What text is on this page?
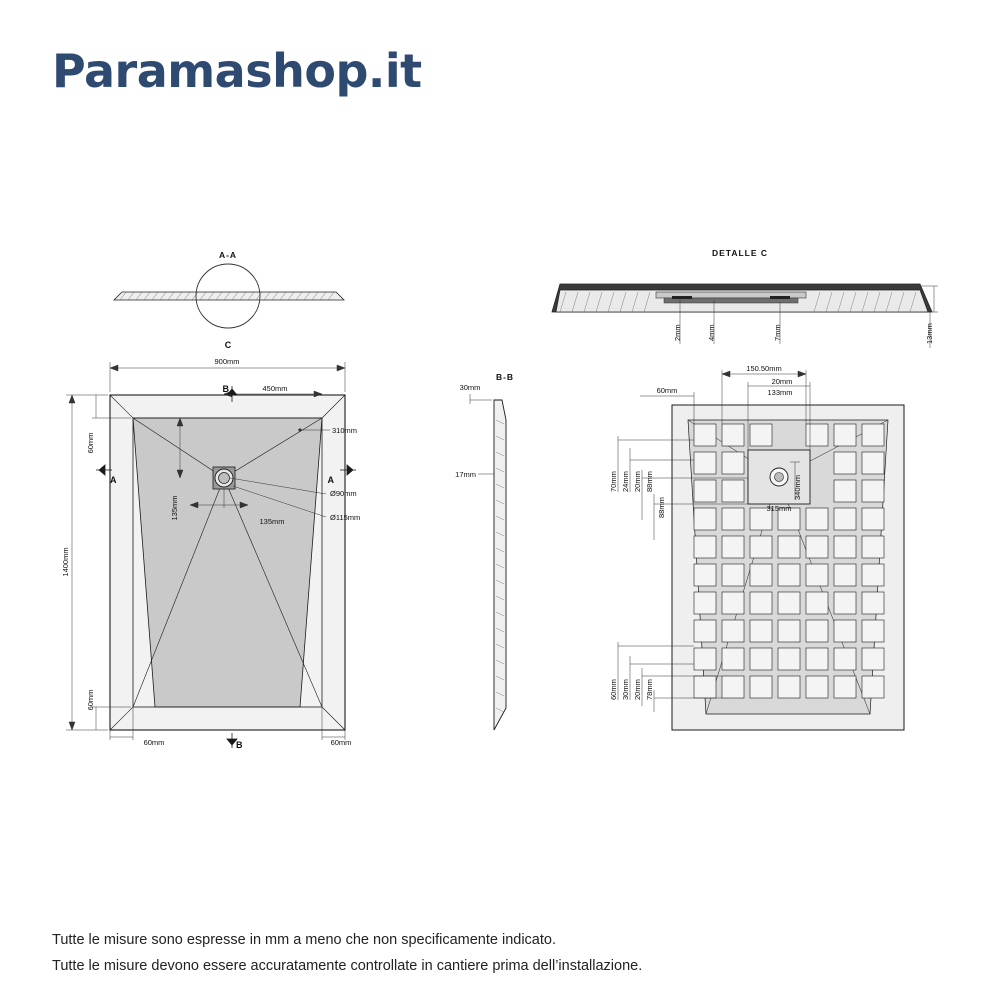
Paramashop.it
A-A
C
DETALLE C
2mm	4mm	7mm	13mm
900mm
450mm
1400mm
60mm
60mm
60mm	60mm
135mm
135mm
310mm
Ø90mm
Ø115mm
A	A
B
B
B-B
30mm
17mm
150.50mm
20mm
133mm
60mm
70mm 24mm 20mm 88mm
88mm	315mm
340mm
60mm 30mm 20mm 78mm
Tutte le misure sono espresse in mm a meno che non specificamente indicato.
Tutte le misure devono essere accuratamente controllate in cantiere prima dell’installazione.
